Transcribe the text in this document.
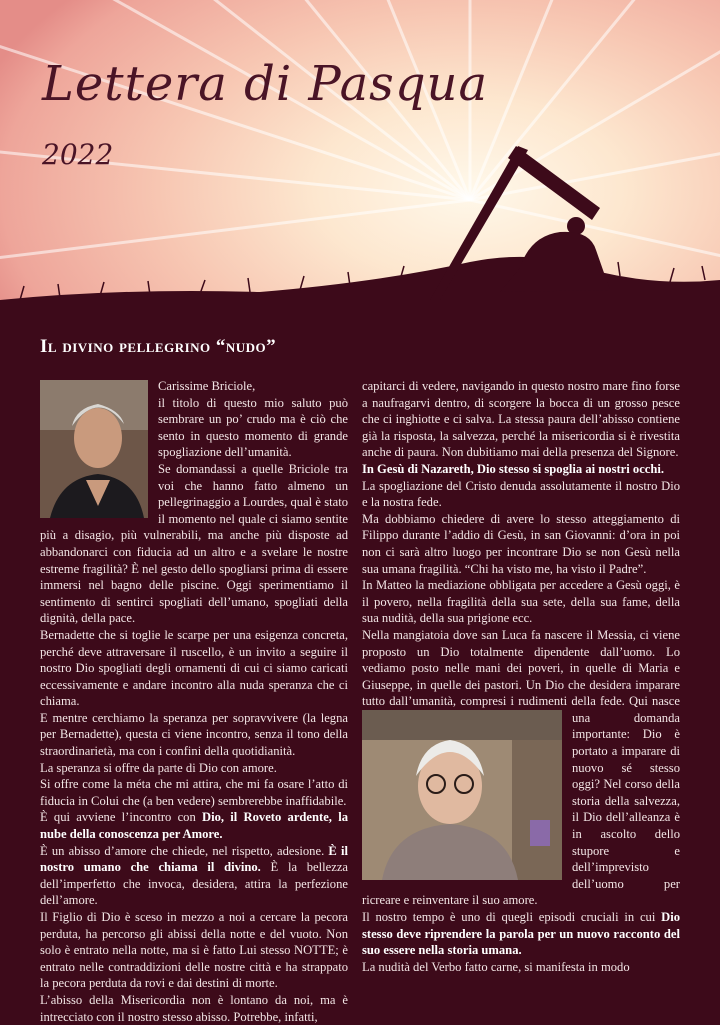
Lettera di Pasqua
2022
Il divino pellegrino “nudo”

Carissime Briciole,

il titolo di questo mio saluto può sembrare un po’ crudo ma è ciò che sento in questo momento di grande spogliazione dell’umanità.

Se domandassi a quelle Briciole tra voi che hanno fatto almeno un pellegrinaggio a Lourdes, qual è stato il momento nel quale ci siamo sentite più a disagio, più vulnerabili, ma anche più disposte ad abbandonarci con fiducia ad un altro e a svelare le nostre estreme fragilità? È nel gesto dello spogliarsi prima di essere immersi nel bagno delle piscine. Oggi sperimentiamo il sentimento di sentirci spogliati dell’umano, spogliati della dignità, della pace.

Bernadette che si toglie le scarpe per una esigenza concreta, perché deve attraversare il ruscello, è un invito a seguire il nostro Dio spogliati degli ornamenti di cui ci siamo caricati eccessivamente e andare incontro alla nuda speranza che ci chiama.

E mentre cerchiamo la speranza per sopravvivere (la legna per Bernadette), questa ci viene incontro, senza il tono della straordinarietà, ma con i confini della quotidianità.

La speranza si offre da parte di Dio con amore.

Si offre come la méta che mi attira, che mi fa osare l’atto di fiducia in Colui che (a ben vedere) sembrerebbe inaffidabile.

È qui avviene l’incontro con Dio, il Roveto ardente, la nube della conoscenza per Amore.

È un abisso d’amore che chiede, nel rispetto, adesione. È il nostro umano che chiama il divino. È la bellezza dell’imperfetto che invoca, desidera, attira la perfezione dell’amore.

Il Figlio di Dio è sceso in mezzo a noi a cercare la pecora perduta, ha percorso gli abissi della notte e del vuoto. Non solo è entrato nella notte, ma si è fatto Lui stesso NOTTE; è entrato nelle contraddizioni delle nostre città e ha strappato la pecora perduta da rovi e dai destini di morte.

L’abisso della Misericordia non è lontano da noi, ma è intrecciato con il nostro stesso abisso. Potrebbe, infatti,

capitarci di vedere, navigando in questo nostro mare fino forse a naufragarvi dentro, di scorgere la bocca di un grosso pesce che ci inghiotte e ci salva. La stessa paura dell’abisso contiene già la risposta, la salvezza, perché la misericordia si è rivestita anche di paura. Non dubitiamo mai della presenza del Signore.

In Gesù di Nazareth, Dio stesso si spoglia ai nostri occhi.

La spogliazione del Cristo denuda assolutamente il nostro Dio e la nostra fede.

Ma dobbiamo chiedere di avere lo stesso atteggiamento di Filippo durante l’addio di Gesù, in san Giovanni: d’ora in poi non ci sarà altro luogo per incontrare Dio se non Gesù nella sua umana fragilità. “Chi ha visto me, ha visto il Padre”.

In Matteo la mediazione obbligata per accedere a Gesù oggi, è il povero, nella fragilità della sua sete, della sua fame, della sua nudità, della sua prigione ecc.

Nella mangiatoia dove san Luca fa nascere il Messia, ci viene proposto un Dio totalmente dipendente dall’uomo. Lo vediamo posto nelle mani dei poveri, in quelle di Maria e Giuseppe, in quelle dei pastori. Un Dio che desidera imparare tutto dall’umanità, compresi i rudimenti della fede. Qui nasce una domanda importante: Dio è portato a imparare di nuovo sé stesso oggi? Nel corso della storia della salvezza, il Dio dell’alleanza è in ascolto dello stupore e dell’imprevisto dell’uomo per ricreare e reinventare il suo amore.

Il nostro tempo è uno di quegli episodi cruciali in cui Dio stesso deve riprendere la parola per un nuovo racconto del suo essere nella storia umana.

La nudità del Verbo fatto carne, si manifesta in modo
